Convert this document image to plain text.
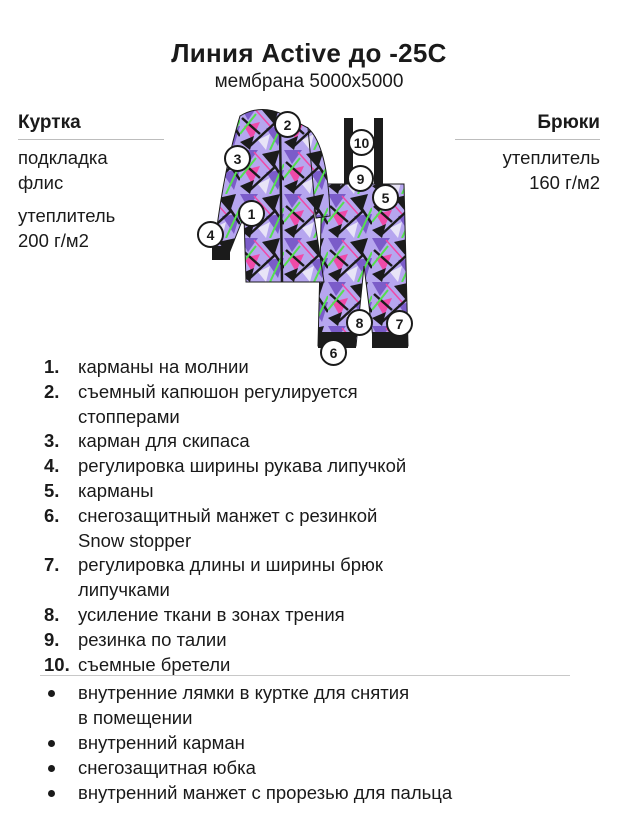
Линия Active до -25С
мембрана 5000х5000
Куртка
подкладка
флис
утеплитель
200 г/м2
Брюки
утеплитель
160 г/м2
1
2
3
4
5
6
7
8
9
10
1. карманы на молнии
2. съемный капюшон регулируется
стопперами
3. карман для скипаса
4. регулировка ширины рукава липучкой
5. карманы
6. снегозащитный манжет с резинкой
Snow stopper
7. регулировка длины и ширины брюк
липучками
8. усиление ткани в зонах трения
9. резинка по талии
10. съемные бретели
внутренние лямки в куртке для снятия
в помещении
внутренний карман
снегозащитная юбка
внутренний манжет с прорезью для пальца
